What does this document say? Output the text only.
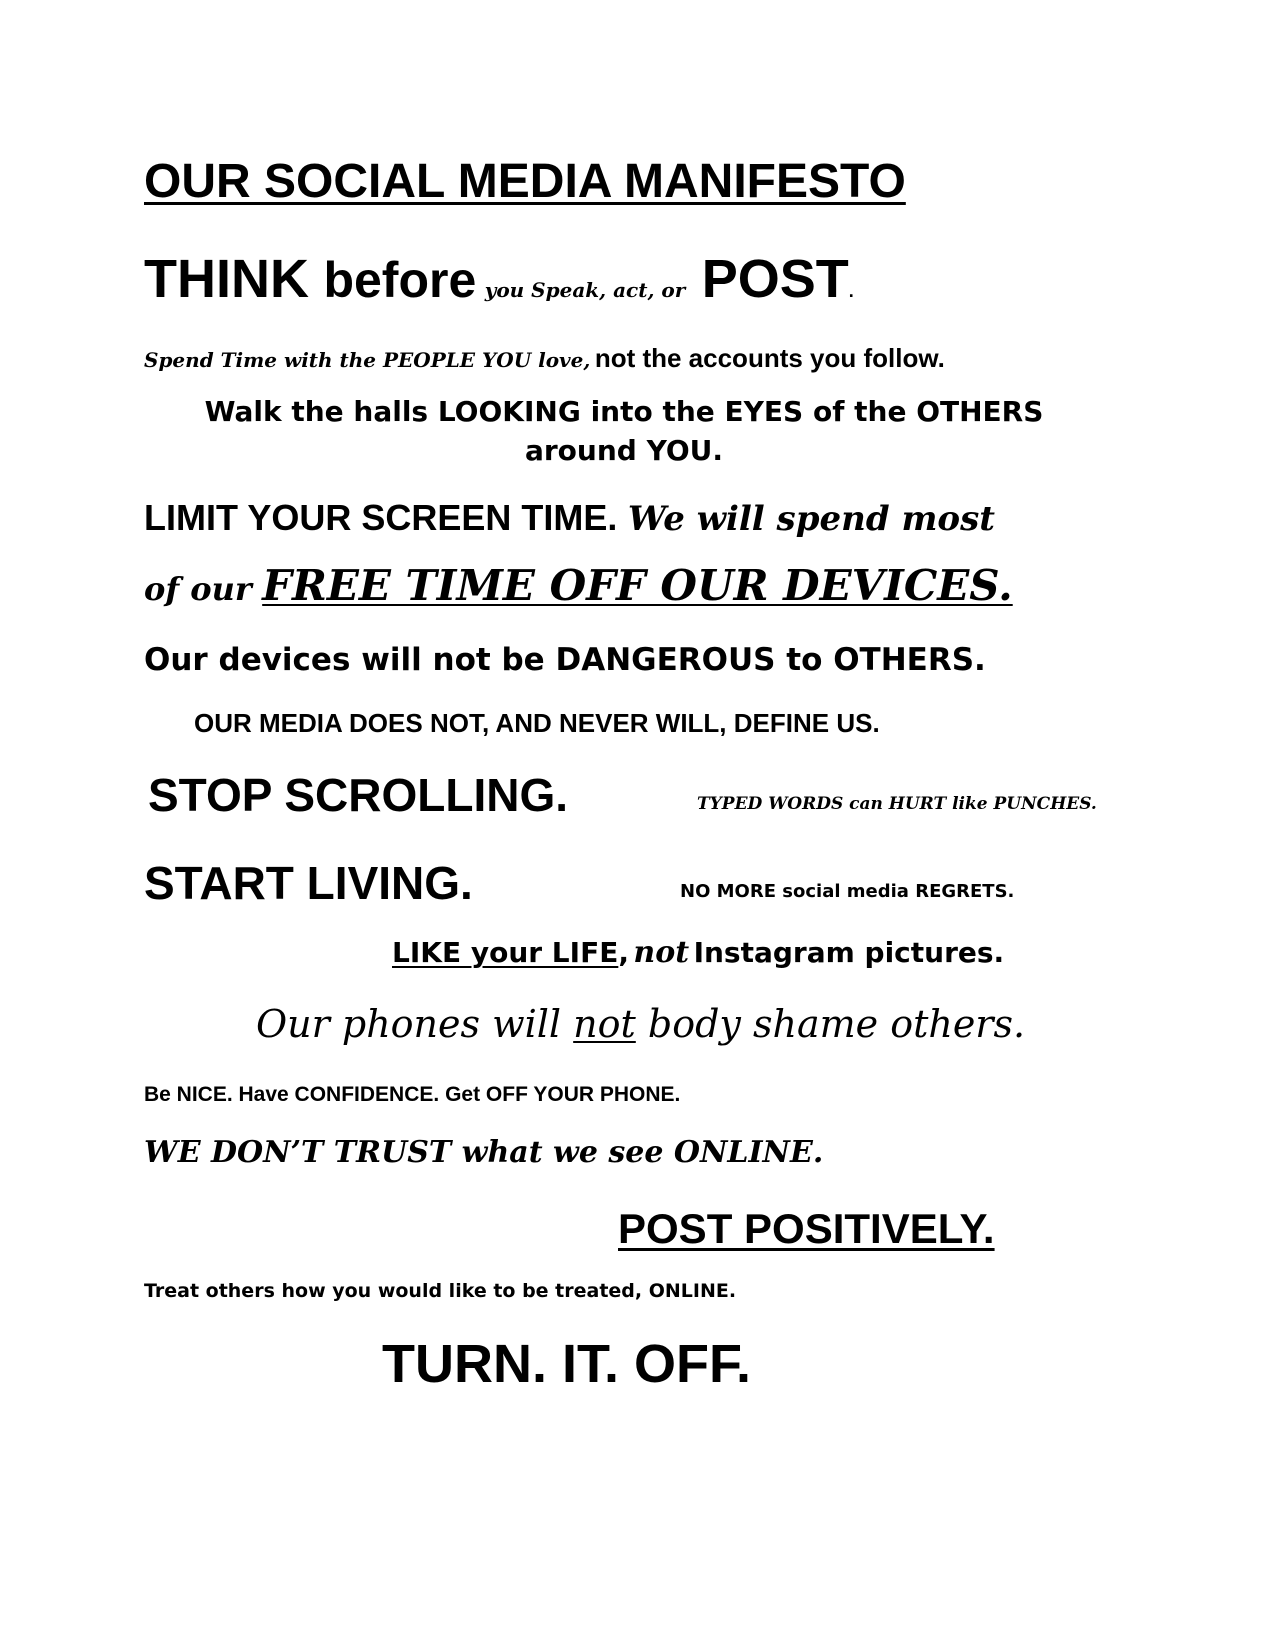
OUR SOCIAL MEDIA MANIFESTO
THINK before you Speak, act, or POST.
Spend Time with the PEOPLE YOU love, not the accounts you follow.
Walk the halls LOOKING into the EYES of the OTHERS
around YOU.
LIMIT YOUR SCREEN TIME. We will spend most
of our FREE TIME OFF OUR DEVICES.
Our devices will not be DANGEROUS to OTHERS.
OUR MEDIA DOES NOT, AND NEVER WILL, DEFINE US.
STOP SCROLLING.	TYPED WORDS can HURT like PUNCHES.
START LIVING.	NO MORE social media REGRETS.
LIKE your LIFE, not Instagram pictures.
Our phones will not body shame others.
Be NICE. Have CONFIDENCE. Get OFF YOUR PHONE.
WE DON’T TRUST what we see ONLINE.
POST POSITIVELY.
Treat others how you would like to be treated, ONLINE.
TURN. IT. OFF.
